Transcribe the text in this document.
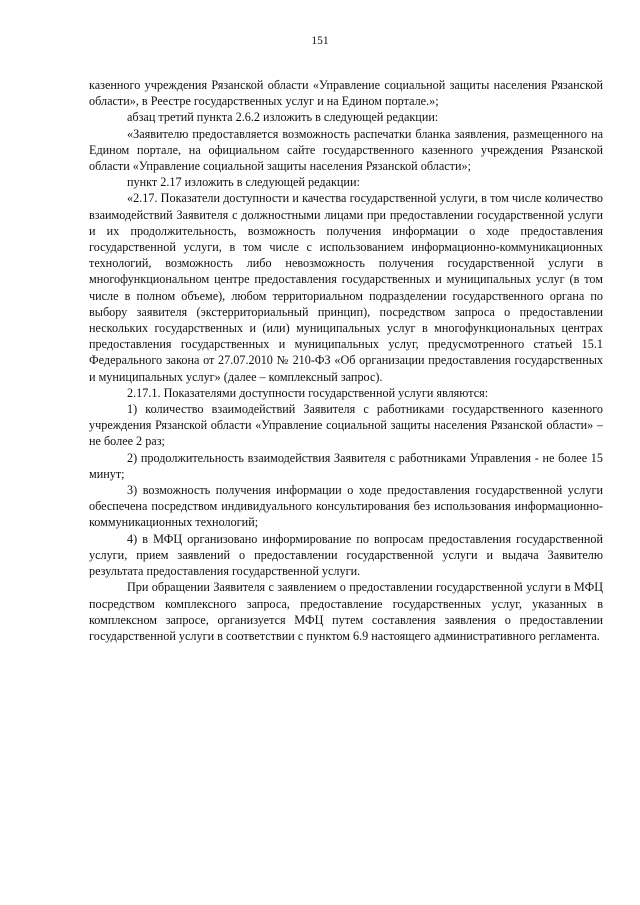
151

казенного учреждения Рязанской области «Управление социальной защиты населения Рязанской области», в Реестре государственных услуг и на Едином портале.»;

абзац третий пункта 2.6.2 изложить в следующей редакции:

«Заявителю предоставляется возможность распечатки бланка заявления, размещенного на Едином портале, на официальном сайте государственного казенного учреждения Рязанской области «Управление социальной защиты населения Рязанской области»;

пункт 2.17 изложить в следующей редакции:

«2.17. Показатели доступности и качества государственной услуги, в том числе количество взаимодействий Заявителя с должностными лицами при предоставлении государственной услуги и их продолжительность, возможность получения информации о ходе предоставления государственной услуги, в том числе с использованием информационно-коммуникационных технологий, возможность либо невозможность получения государственной услуги в многофункциональном центре предоставления государственных и муниципальных услуг (в том числе в полном объеме), любом территориальном подразделении государственного органа по выбору заявителя (экстерриториальный принцип), посредством запроса о предоставлении нескольких государственных и (или) муниципальных услуг в многофункциональных центрах предоставления государственных и муниципальных услуг, предусмотренного статьей 15.1 Федерального закона от 27.07.2010 № 210-ФЗ «Об организации предоставления государственных и муниципальных услуг» (далее – комплексный запрос).

2.17.1. Показателями доступности государственной услуги являются:

1) количество взаимодействий Заявителя с работниками государственного казенного учреждения Рязанской области «Управление социальной защиты населения Рязанской области» – не более 2 раз;

2) продолжительность взаимодействия Заявителя с работниками Управления - не более 15 минут;

3) возможность получения информации о ходе предоставления государственной услуги обеспечена посредством индивидуального консультирования без использования информационно-коммуникационных технологий;

4) в МФЦ организовано информирование по вопросам предоставления государственной услуги, прием заявлений о предоставлении государственной услуги и выдача Заявителю результата предоставления государственной услуги.

При обращении Заявителя с заявлением о предоставлении государственной услуги в МФЦ посредством комплексного запроса, предоставление государственных услуг, указанных в комплексном запросе, организуется МФЦ путем составления заявления о предоставлении государственной услуги в соответствии с пунктом 6.9 настоящего административного регламента.
